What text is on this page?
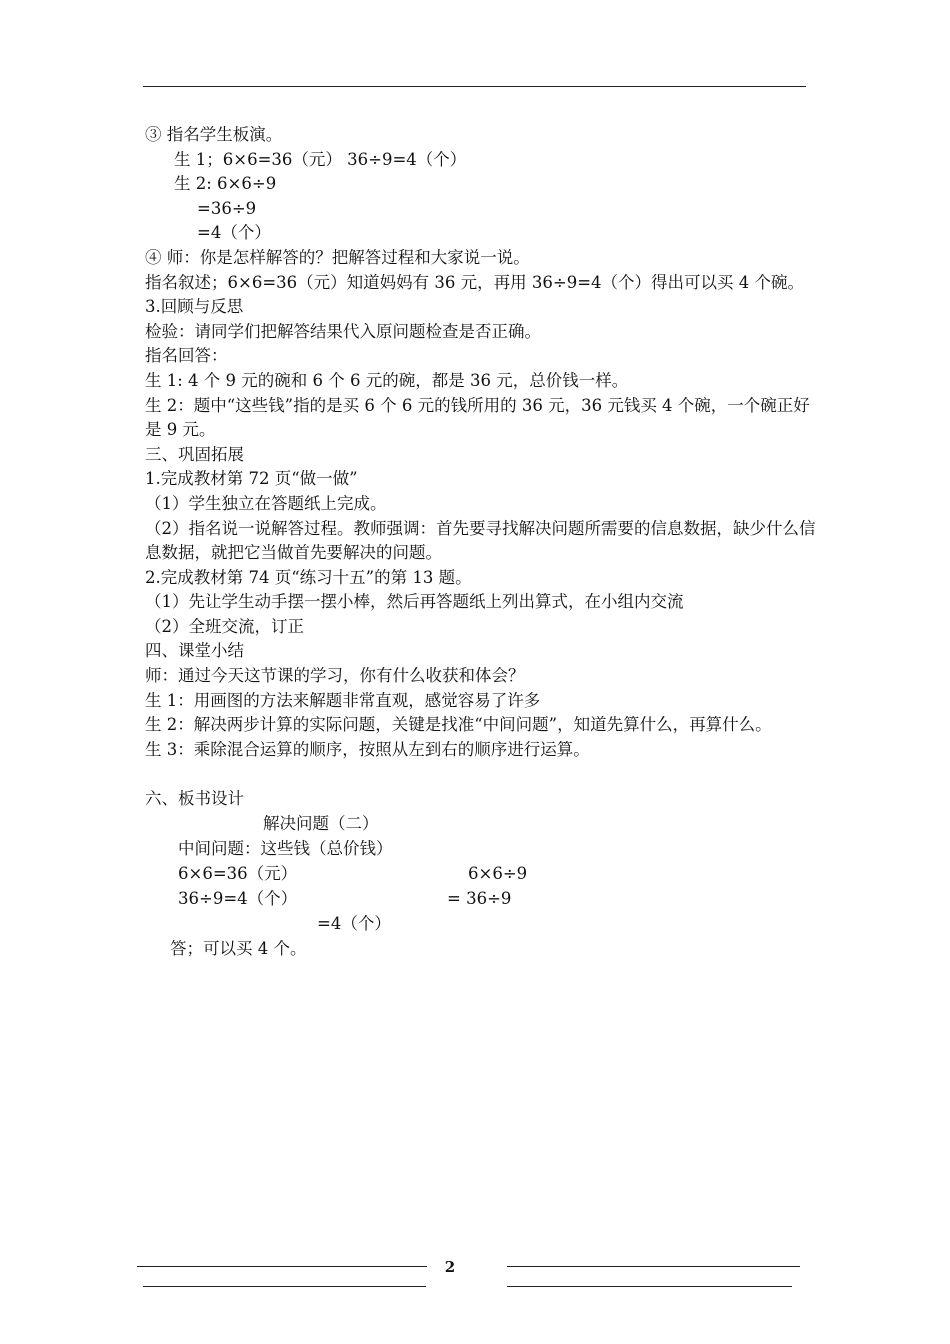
③ 指名学生板演。
生 1；6×6=36（元） 36÷9=4（个）
生 2: 6×6÷9
=36÷9
=4（个）
④ 师：你是怎样解答的？把解答过程和大家说一说。
指名叙述；6×6=36（元）知道妈妈有 36 元，再用 36÷9=4（个）得出可以买 4 个碗。
3.回顾与反思
检验：请同学们把解答结果代入原问题检查是否正确。
指名回答：
生 1: 4 个 9 元的碗和 6 个 6 元的碗，都是 36 元，总价钱一样。
生 2：题中“这些钱”指的是买 6 个 6 元的钱所用的 36 元，36 元钱买 4 个碗，一个碗正好是 9 元。
三、巩固拓展
1.完成教材第 72 页“做一做”
（1）学生独立在答题纸上完成。
（2）指名说一说解答过程。教师强调：首先要寻找解决问题所需要的信息数据，缺少什么信息数据，就把它当做首先要解决的问题。
2.完成教材第 74 页“练习十五”的第 13 题。
（1）先让学生动手摆一摆小棒，然后再答题纸上列出算式，在小组内交流
（2）全班交流，订正
四、课堂小结
师：通过今天这节课的学习，你有什么收获和体会？
生 1：用画图的方法来解题非常直观，感觉容易了许多
生 2：解决两步计算的实际问题，关键是找准“中间问题”，知道先算什么，再算什么。
生 3：乘除混合运算的顺序，按照从左到右的顺序进行运算。
六、板书设计
解决问题（二）
中间问题：这些钱（总价钱）
6×6=36（元）
36÷9=4（个）
6×6÷9
= 36÷9
=4（个）
答；可以买 4 个。
2
